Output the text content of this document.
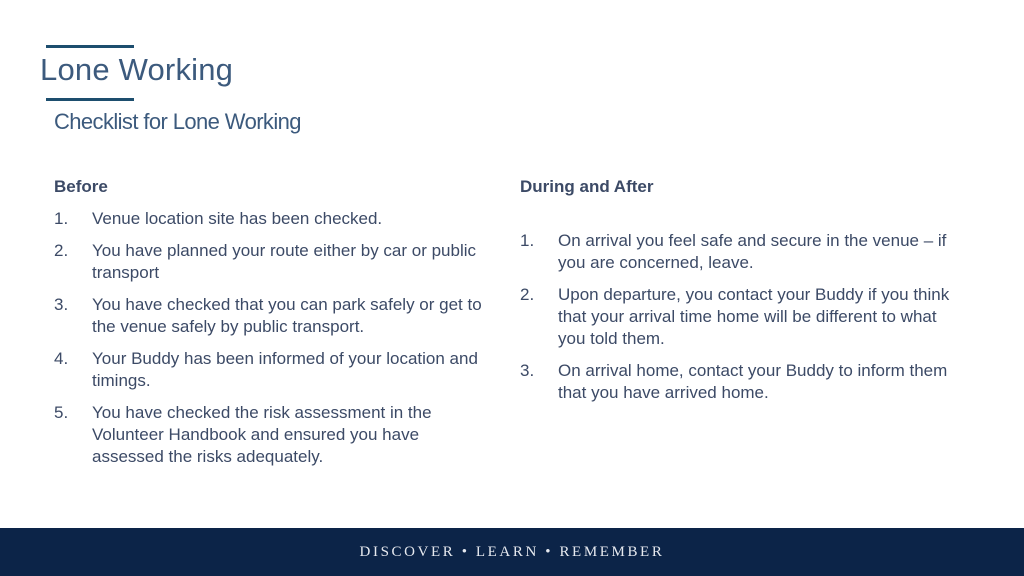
Lone Working
Checklist for Lone Working
Before
1.	Venue location site has been checked.
2.	You have planned your route either by car or public transport
3.	You have checked that you can park safely or get to the venue safely by public transport.
4.	Your Buddy has been informed of your location and timings.
5.	You have checked the risk assessment in the Volunteer Handbook and ensured you have assessed the risks adequately.
During and After
1.	On arrival you feel safe and secure in the venue – if you are concerned, leave.
2.	Upon departure, you contact your Buddy if you think that your arrival time home will be different to what you told them.
3.	On arrival home, contact your Buddy to inform them that you have arrived home.
DISCOVER • LEARN • REMEMBER
